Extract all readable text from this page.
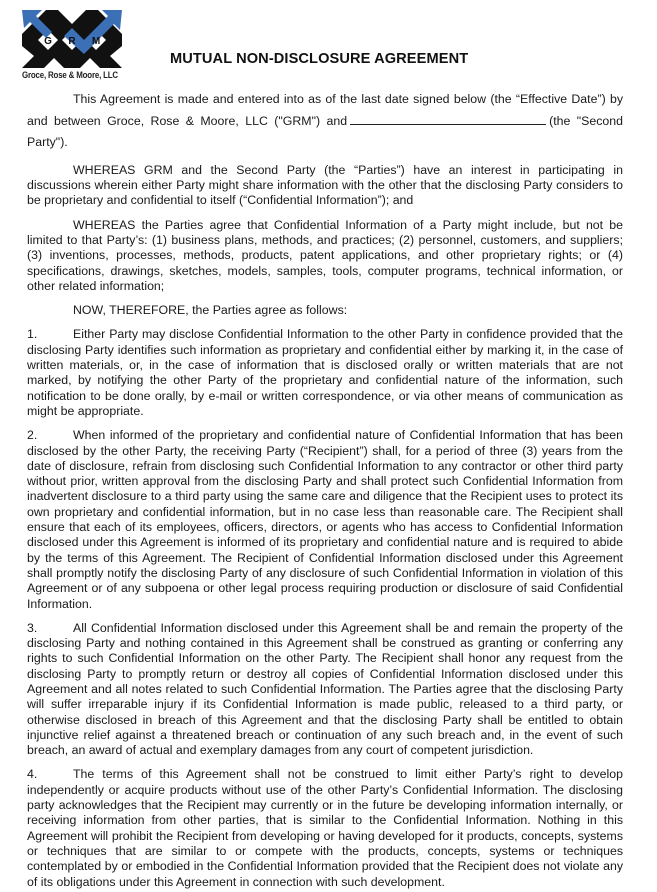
G R M
Groce, Rose & Moore, LLC
MUTUAL NON-DISCLOSURE AGREEMENT

This Agreement is made and entered into as of the last date signed below (the “Effective Date”) by and between Groce, Rose & Moore, LLC ("GRM") and	(the "Second Party").

WHEREAS GRM and the Second Party (the “Parties”) have an interest in participating in discussions wherein either Party might share information with the other that the disclosing Party considers to be proprietary and confidential to itself (“Confidential Information”); and

WHEREAS the Parties agree that Confidential Information of a Party might include, but not be limited to that Party’s: (1) business plans, methods, and practices; (2) personnel, customers, and suppliers; (3) inventions, processes, methods, products, patent applications, and other proprietary rights; or (4) specifications, drawings, sketches, models, samples, tools, computer programs, technical information, or other related information;

NOW, THEREFORE, the Parties agree as follows:

1.	Either Party may disclose Confidential Information to the other Party in confidence provided that the disclosing Party identifies such information as proprietary and confidential either by marking it, in the case of written materials, or, in the case of information that is disclosed orally or written materials that are not marked, by notifying the other Party of the proprietary and confidential nature of the information, such notification to be done orally, by e-mail or written correspondence, or via other means of communication as might be appropriate.

2.	When informed of the proprietary and confidential nature of Confidential Information that has been disclosed by the other Party, the receiving Party (“Recipient”) shall, for a period of three (3) years from the date of disclosure, refrain from disclosing such Confidential Information to any contractor or other third party without prior, written approval from the disclosing Party and shall protect such Confidential Information from inadvertent disclosure to a third party using the same care and diligence that the Recipient uses to protect its own proprietary and confidential information, but in no case less than reasonable care. The Recipient shall ensure that each of its employees, officers, directors, or agents who has access to Confidential Information disclosed under this Agreement is informed of its proprietary and confidential nature and is required to abide by the terms of this Agreement. The Recipient of Confidential Information disclosed under this Agreement shall promptly notify the disclosing Party of any disclosure of such Confidential Information in violation of this Agreement or of any subpoena or other legal process requiring production or disclosure of said Confidential Information.

3.	All Confidential Information disclosed under this Agreement shall be and remain the property of the disclosing Party and nothing contained in this Agreement shall be construed as granting or conferring any rights to such Confidential Information on the other Party. The Recipient shall honor any request from the disclosing Party to promptly return or destroy all copies of Confidential Information disclosed under this Agreement and all notes related to such Confidential Information. The Parties agree that the disclosing Party will suffer irreparable injury if its Confidential Information is made public, released to a third party, or otherwise disclosed in breach of this Agreement and that the disclosing Party shall be entitled to obtain injunctive relief against a threatened breach or continuation of any such breach and, in the event of such breach, an award of actual and exemplary damages from any court of competent jurisdiction.

4.	The terms of this Agreement shall not be construed to limit either Party’s right to develop independently or acquire products without use of the other Party’s Confidential Information. The disclosing party acknowledges that the Recipient may currently or in the future be developing information internally, or receiving information from other parties, that is similar to the Confidential Information. Nothing in this Agreement will prohibit the Recipient from developing or having developed for it products, concepts, systems or techniques that are similar to or compete with the products, concepts, systems or techniques contemplated by or embodied in the Confidential Information provided that the Recipient does not violate any of its obligations under this Agreement in connection with such development.
